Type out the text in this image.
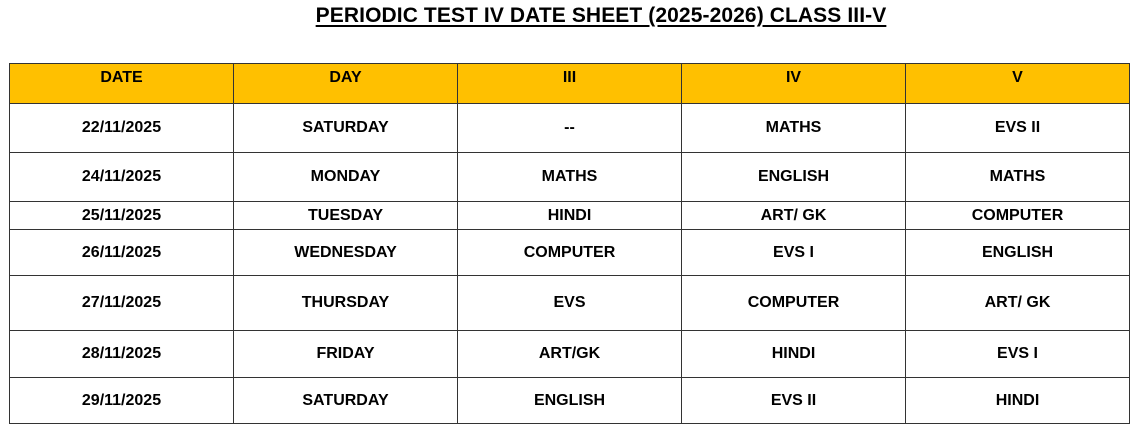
PERIODIC TEST IV DATE SHEET (2025-2026) CLASS III-V
DATE	DAY	III	IV	V
22/11/2025	SATURDAY	--	MATHS	EVS II
24/11/2025	MONDAY	MATHS	ENGLISH	MATHS
25/11/2025	TUESDAY	HINDI	ART/ GK	COMPUTER
26/11/2025	WEDNESDAY	COMPUTER	EVS I	ENGLISH
27/11/2025	THURSDAY	EVS	COMPUTER	ART/ GK
28/11/2025	FRIDAY	ART/GK	HINDI	EVS I
29/11/2025	SATURDAY	ENGLISH	EVS II	HINDI
